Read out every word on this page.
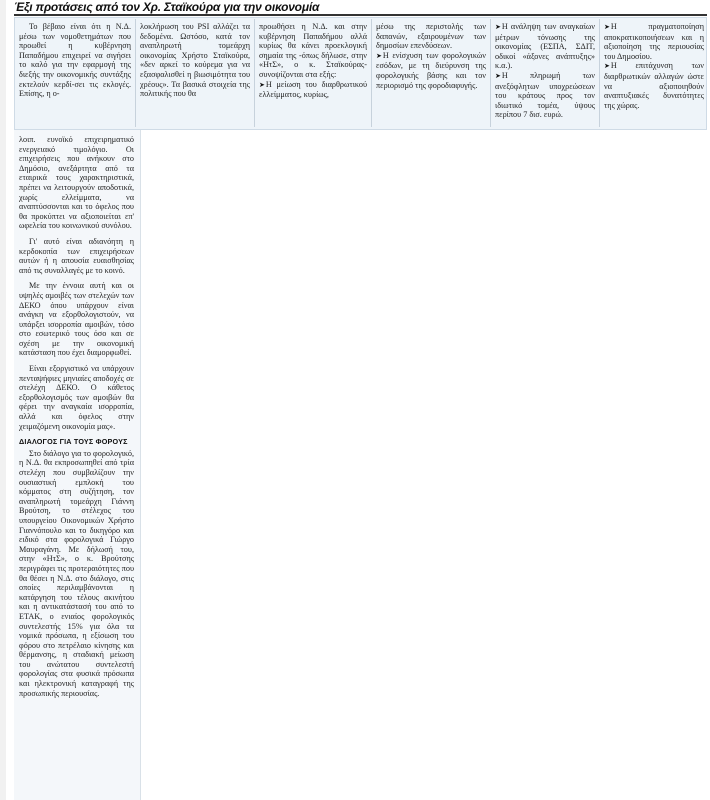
Έξι προτάσεις από τον Χρ. Σταϊκούρα για την οικονομία

Το βέβαιο είναι ότι η Ν.Δ. μέσω των νομοθετημάτων που προωθεί η κυβέρνηση Παπαδήμου επιχειρεί να σιγήσει το καλό για την εφαρμογή της διεξής την οικονομικής συντάξης εκτελούν κερδί-σει τις εκλογές. Επίσης, η ο-

λοκλήρωση του PSI αλλάζει τα δεδομένα. Ωστόσο, κατά τον αναπληρωτή τομεάρχη οικονομίας Χρήστο Σταϊκούρα, «δεν αρκεί το κούρεμα για να εξασφαλισθεί η βιωσιμότητα του χρέους». Τα βασικά στοιχεία της πολιτικής που θα

προωθήσει η Ν.Δ. και στην κυβέρνηση Παπαδήμου αλλά κυρίως θα κάνει προεκλογική σημαία της -όπως δήλωσε, στην «ΗτΣ», ο κ. Σταϊκούρας-συνοψίζονται στα εξής:

➤ Η μείωση του διαρθρωτικού ελλείμματος, κυρίως,

μέσω της περιστολής των δαπανών, εξαιρουμένων των δημοσίων επενδύσεων.

➤ Η ενίσχυση των φορολογικών εσόδων, με τη διεύρυνση της φορολογικής βάσης και τον περιορισμό της φοροδιαφυγής.

➤ Η ανάληψη των αναγκαίων μέτρων τόνωσης της οικονομίας (ΕΣΠΑ, ΣΔΙΤ, οδικοί «άξονες ανάπτυξης» κ.α.).

➤ Η πληρωμή των ανεξόφλητων υποχρεώσεων του κράτους προς τον ιδιωτικό τομέα, ύψους περίπου 7 δισ. ευρώ.

➤ Η πραγματοποίηση αποκρατικοποιήσεων και η αξιοποίηση της περιουσίας του Δημοσίου.

➤ Η επιτάχυνση των διαρθρωτικών αλλαγών ώστε να αξιοποιηθούν αναπτυξιακές δυνατότητες της χώρας.

λοιπ. ευνοϊκό επιχειρηματικό ενεργειακό τιμολόγιο. Οι επιχειρήσεις που ανήκουν στο Δημόσιο, ανεξάρτητα από τα εταιρικά τους χαρακτηριστικά, πρέπει να λειτουργούν αποδοτικά, χωρίς ελλείμματα, να αναπτύσσονται και το όφελος που θα προκύπτει να αξιοποιείται επ' ωφελεία του κοινωνικού συνόλου.

Γι' αυτό είναι αδιανόητη η κερδοκοπία των επιχειρήσεων αυτών ή η απουσία ευαισθησίας από τις συναλλαγές με το κοινό.

Με την έννοια αυτή και οι υψηλές αμοιβές των στελεχών των ΔΕΚΟ όπου υπάρχουν είναι ανάγκη να εξορθολογιστούν, να υπάρξει ισορροπία αμοιβών, τόσο στο εσωτερικό τους όσο και σε σχέση με την οικονομική κατάσταση που έχει διαμορφωθεί.

Είναι εξοργιστικό να υπάρχουν πενταψήφιες μηνιαίες αποδοχές σε στελέχη ΔΕΚΟ. Ο κάθετος εξορθολογισμός των αμοιβών θα φέρει την αναγκαία ισορροπία, αλλά και όφελος στην χειμαζόμενη οικονομία μας».

ΔΙΑΛΟΓΟΣ ΓΙΑ ΤΟΥΣ ΦΟΡΟΥΣ

Στο διάλογο για το φορολογικό, η Ν.Δ. θα εκπροσωπηθεί από τρία στελέχη που συμβαλίζουν την ουσιαστική εμπλοκή του κόμματος στη συζήτηση, τον αναπληρωτή τομεάρχη Γιάννη Βρούτση, το στέλεχος του υπουργείου Οικονομικών Χρήστο Γιαννόπουλο και το δικηγόρο και ειδικό στα φορολογικά Γιώργο Μαυραγάνη. Με δήλωσή του, στην «ΗτΣ», ο κ. Βρούτσης περιγράφει τις προτεραιότητες που θα θέσει η Ν.Δ. στο διάλογο, στις οποίες περιλαμβάνονται η κατάργηση του τέλους ακινήτου και η αντικατάστασή του από το ΕΤΑΚ, ο ενιαίος φορολογικός συντελεστής 15% για όλα τα νομικά πρόσωπα, η εξίσωση του φόρου στο πετρέλαιο κίνησης και θέρμανσης, η σταδιακή μείωση του ανώτατου συντελεστή φορολογίας στα φυσικά πρόσωπα και ηλεκτρονική καταγραφή της προσωπικής περιουσίας.
